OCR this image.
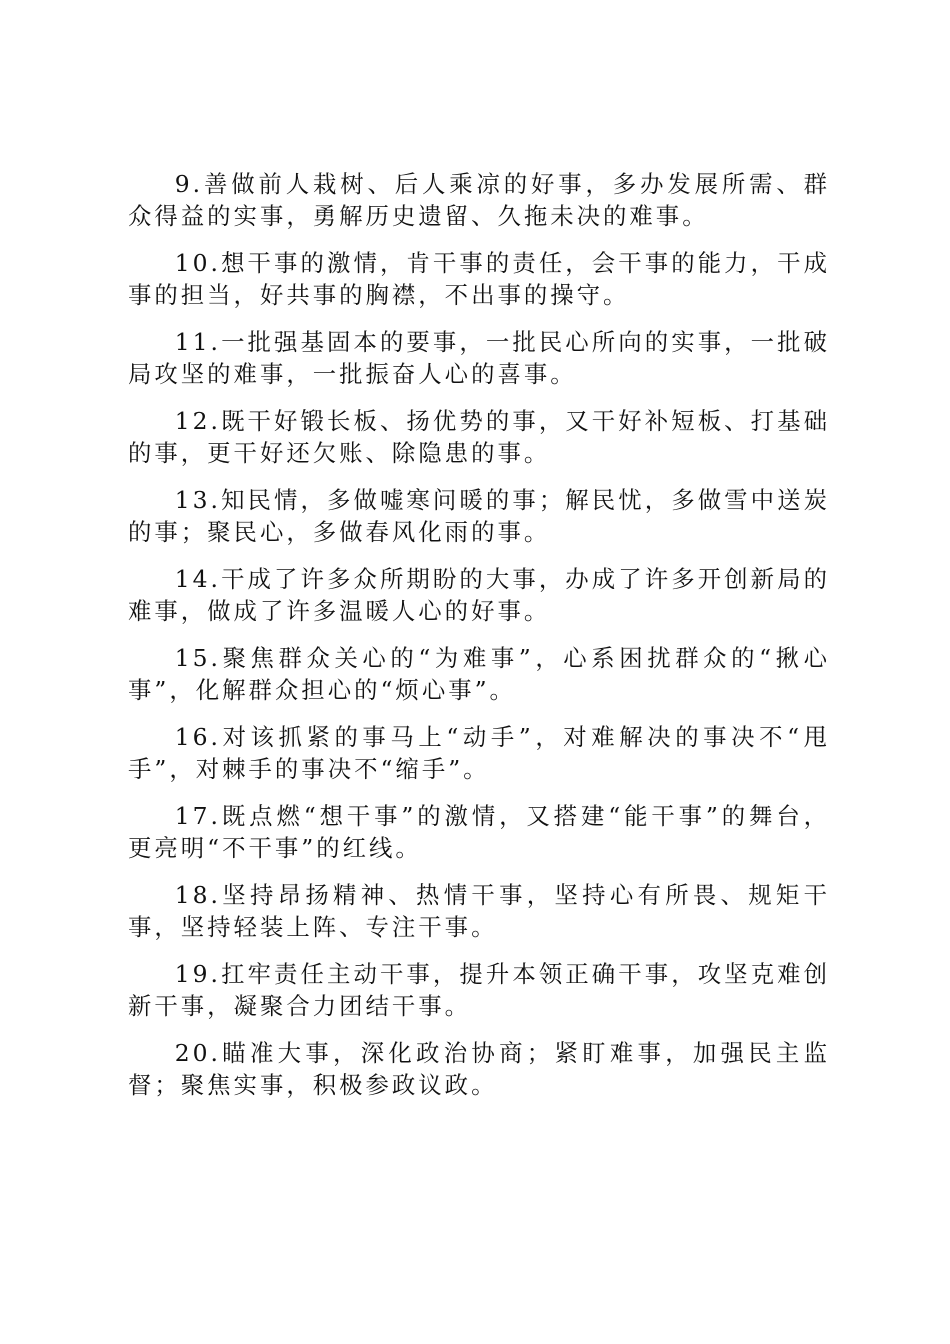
9.善做前人栽树、后人乘凉的好事，多办发展所需、群众得益的实事，勇解历史遗留、久拖未决的难事。

10.想干事的激情，肯干事的责任，会干事的能力，干成事的担当，好共事的胸襟，不出事的操守。

11.一批强基固本的要事，一批民心所向的实事，一批破局攻坚的难事，一批振奋人心的喜事。

12.既干好锻长板、扬优势的事，又干好补短板、打基础的事，更干好还欠账、除隐患的事。

13.知民情，多做嘘寒问暖的事；解民忧，多做雪中送炭的事；聚民心，多做春风化雨的事。

14.干成了许多众所期盼的大事，办成了许多开创新局的难事，做成了许多温暖人心的好事。

15.聚焦群众关心的“为难事”，心系困扰群众的“揪心事”，化解群众担心的“烦心事”。

16.对该抓紧的事马上“动手”，对难解决的事决不“甩手”，对棘手的事决不“缩手”。

17.既点燃“想干事”的激情，又搭建“能干事”的舞台，更亮明“不干事”的红线。

18.坚持昂扬精神、热情干事，坚持心有所畏、规矩干事，坚持轻装上阵、专注干事。

19.扛牢责任主动干事，提升本领正确干事，攻坚克难创新干事，凝聚合力团结干事。

20.瞄准大事，深化政治协商；紧盯难事，加强民主监督；聚焦实事，积极参政议政。
